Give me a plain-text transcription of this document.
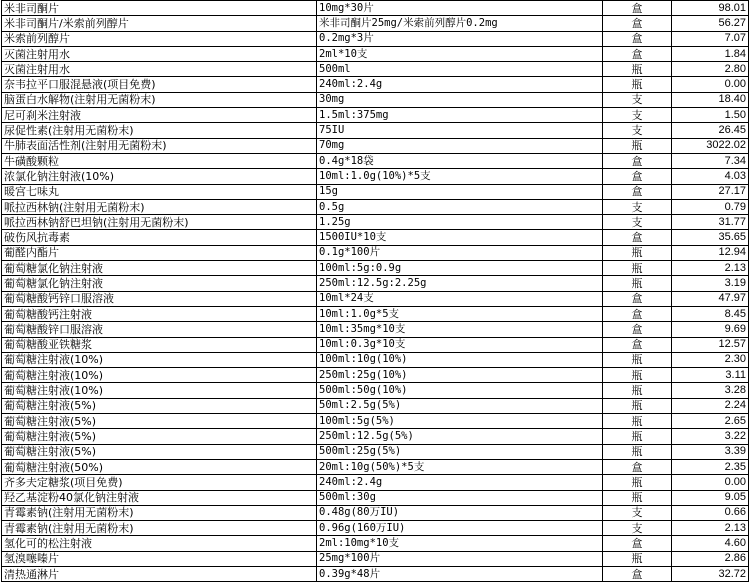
米非司酮片	10mg*30片	盒	98.01
米非司酮片/米索前列醇片	米非司酮片25mg/米索前列醇片0.2mg	盒	56.27
米索前列醇片	0.2mg*3片	盒	7.07
灭菌注射用水	2ml*10支	盒	1.84
灭菌注射用水	500ml	瓶	2.80
奈韦拉平口服混悬液(项目免费)	240ml:2.4g	瓶	0.00
脑蛋白水解物(注射用无菌粉末)	30mg	支	18.40
尼可刹米注射液	1.5ml:375mg	支	1.50
尿促性素(注射用无菌粉末)	75IU	支	26.45
牛肺表面活性剂(注射用无菌粉末)	70mg	瓶	3022.02
牛磺酸颗粒	0.4g*18袋	盒	7.34
浓氯化钠注射液(10%)	10ml:1.0g(10%)*5支	盒	4.03
暖宫七味丸	15g	盒	27.17
哌拉西林钠(注射用无菌粉末)	0.5g	支	0.79
哌拉西林钠舒巴坦钠(注射用无菌粉末)	1.25g	支	31.77
破伤风抗毒素	1500IU*10支	盒	35.65
葡醛内酯片	0.1g*100片	瓶	12.94
葡萄糖氯化钠注射液	100ml:5g:0.9g	瓶	2.13
葡萄糖氯化钠注射液	250ml:12.5g:2.25g	瓶	3.19
葡萄糖酸钙锌口服溶液	10ml*24支	盒	47.97
葡萄糖酸钙注射液	10ml:1.0g*5支	盒	8.45
葡萄糖酸锌口服溶液	10ml:35mg*10支	盒	9.69
葡萄糖酸亚铁糖浆	10ml:0.3g*10支	盒	12.57
葡萄糖注射液(10%)	100ml:10g(10%)	瓶	2.30
葡萄糖注射液(10%)	250ml:25g(10%)	瓶	3.11
葡萄糖注射液(10%)	500ml:50g(10%)	瓶	3.28
葡萄糖注射液(5%)	50ml:2.5g(5%)	瓶	2.24
葡萄糖注射液(5%)	100ml:5g(5%)	瓶	2.65
葡萄糖注射液(5%)	250ml:12.5g(5%)	瓶	3.22
葡萄糖注射液(5%)	500ml:25g(5%)	瓶	3.39
葡萄糖注射液(50%)	20ml:10g(50%)*5支	盒	2.35
齐多夫定糖浆(项目免费)	240ml:2.4g	瓶	0.00
羟乙基淀粉40氯化钠注射液	500ml:30g	瓶	9.05
青霉素钠(注射用无菌粉末)	0.48g(80万IU)	支	0.66
青霉素钠(注射用无菌粉末)	0.96g(160万IU)	支	2.13
氢化可的松注射液	2ml:10mg*10支	盒	4.60
氢溴噻嗪片	25mg*100片	瓶	2.86
清热通淋片	0.39g*48片	盒	32.72
